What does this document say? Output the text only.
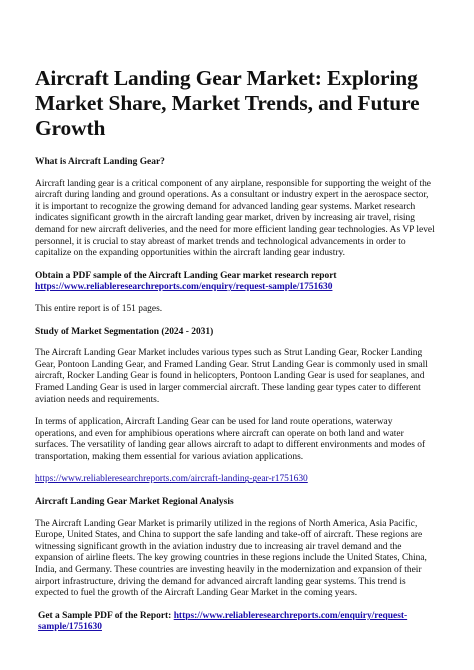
Aircraft Landing Gear Market: Exploring Market Share, Market Trends, and Future Growth

What is Aircraft Landing Gear?

Aircraft landing gear is a critical component of any airplane, responsible for supporting the weight of the aircraft during landing and ground operations. As a consultant or industry expert in the aerospace sector, it is important to recognize the growing demand for advanced landing gear systems. Market research indicates significant growth in the aircraft landing gear market, driven by increasing air travel, rising demand for new aircraft deliveries, and the need for more efficient landing gear technologies. As VP level personnel, it is crucial to stay abreast of market trends and technological advancements in order to capitalize on the expanding opportunities within the aircraft landing gear industry.

Obtain a PDF sample of the Aircraft Landing Gear market research report https://www.reliableresearchreports.com/enquiry/request-sample/1751630

This entire report is of 151 pages.

Study of Market Segmentation (2024 - 2031)

The Aircraft Landing Gear Market includes various types such as Strut Landing Gear, Rocker Landing Gear, Pontoon Landing Gear, and Framed Landing Gear. Strut Landing Gear is commonly used in small aircraft, Rocker Landing Gear is found in helicopters, Pontoon Landing Gear is used for seaplanes, and Framed Landing Gear is used in larger commercial aircraft. These landing gear types cater to different aviation needs and requirements.

In terms of application, Aircraft Landing Gear can be used for land route operations, waterway operations, and even for amphibious operations where aircraft can operate on both land and water surfaces. The versatility of landing gear allows aircraft to adapt to different environments and modes of transportation, making them essential for various aviation applications.

https://www.reliableresearchreports.com/aircraft-landing-gear-r1751630

Aircraft Landing Gear Market Regional Analysis

The Aircraft Landing Gear Market is primarily utilized in the regions of North America, Asia Pacific, Europe, United States, and China to support the safe landing and take-off of aircraft. These regions are witnessing significant growth in the aviation industry due to increasing air travel demand and the expansion of airline fleets. The key growing countries in these regions include the United States, China, India, and Germany. These countries are investing heavily in the modernization and expansion of their airport infrastructure, driving the demand for advanced aircraft landing gear systems. This trend is expected to fuel the growth of the Aircraft Landing Gear Market in the coming years.

Get a Sample PDF of the Report: https://www.reliableresearchreports.com/enquiry/request-sample/1751630
